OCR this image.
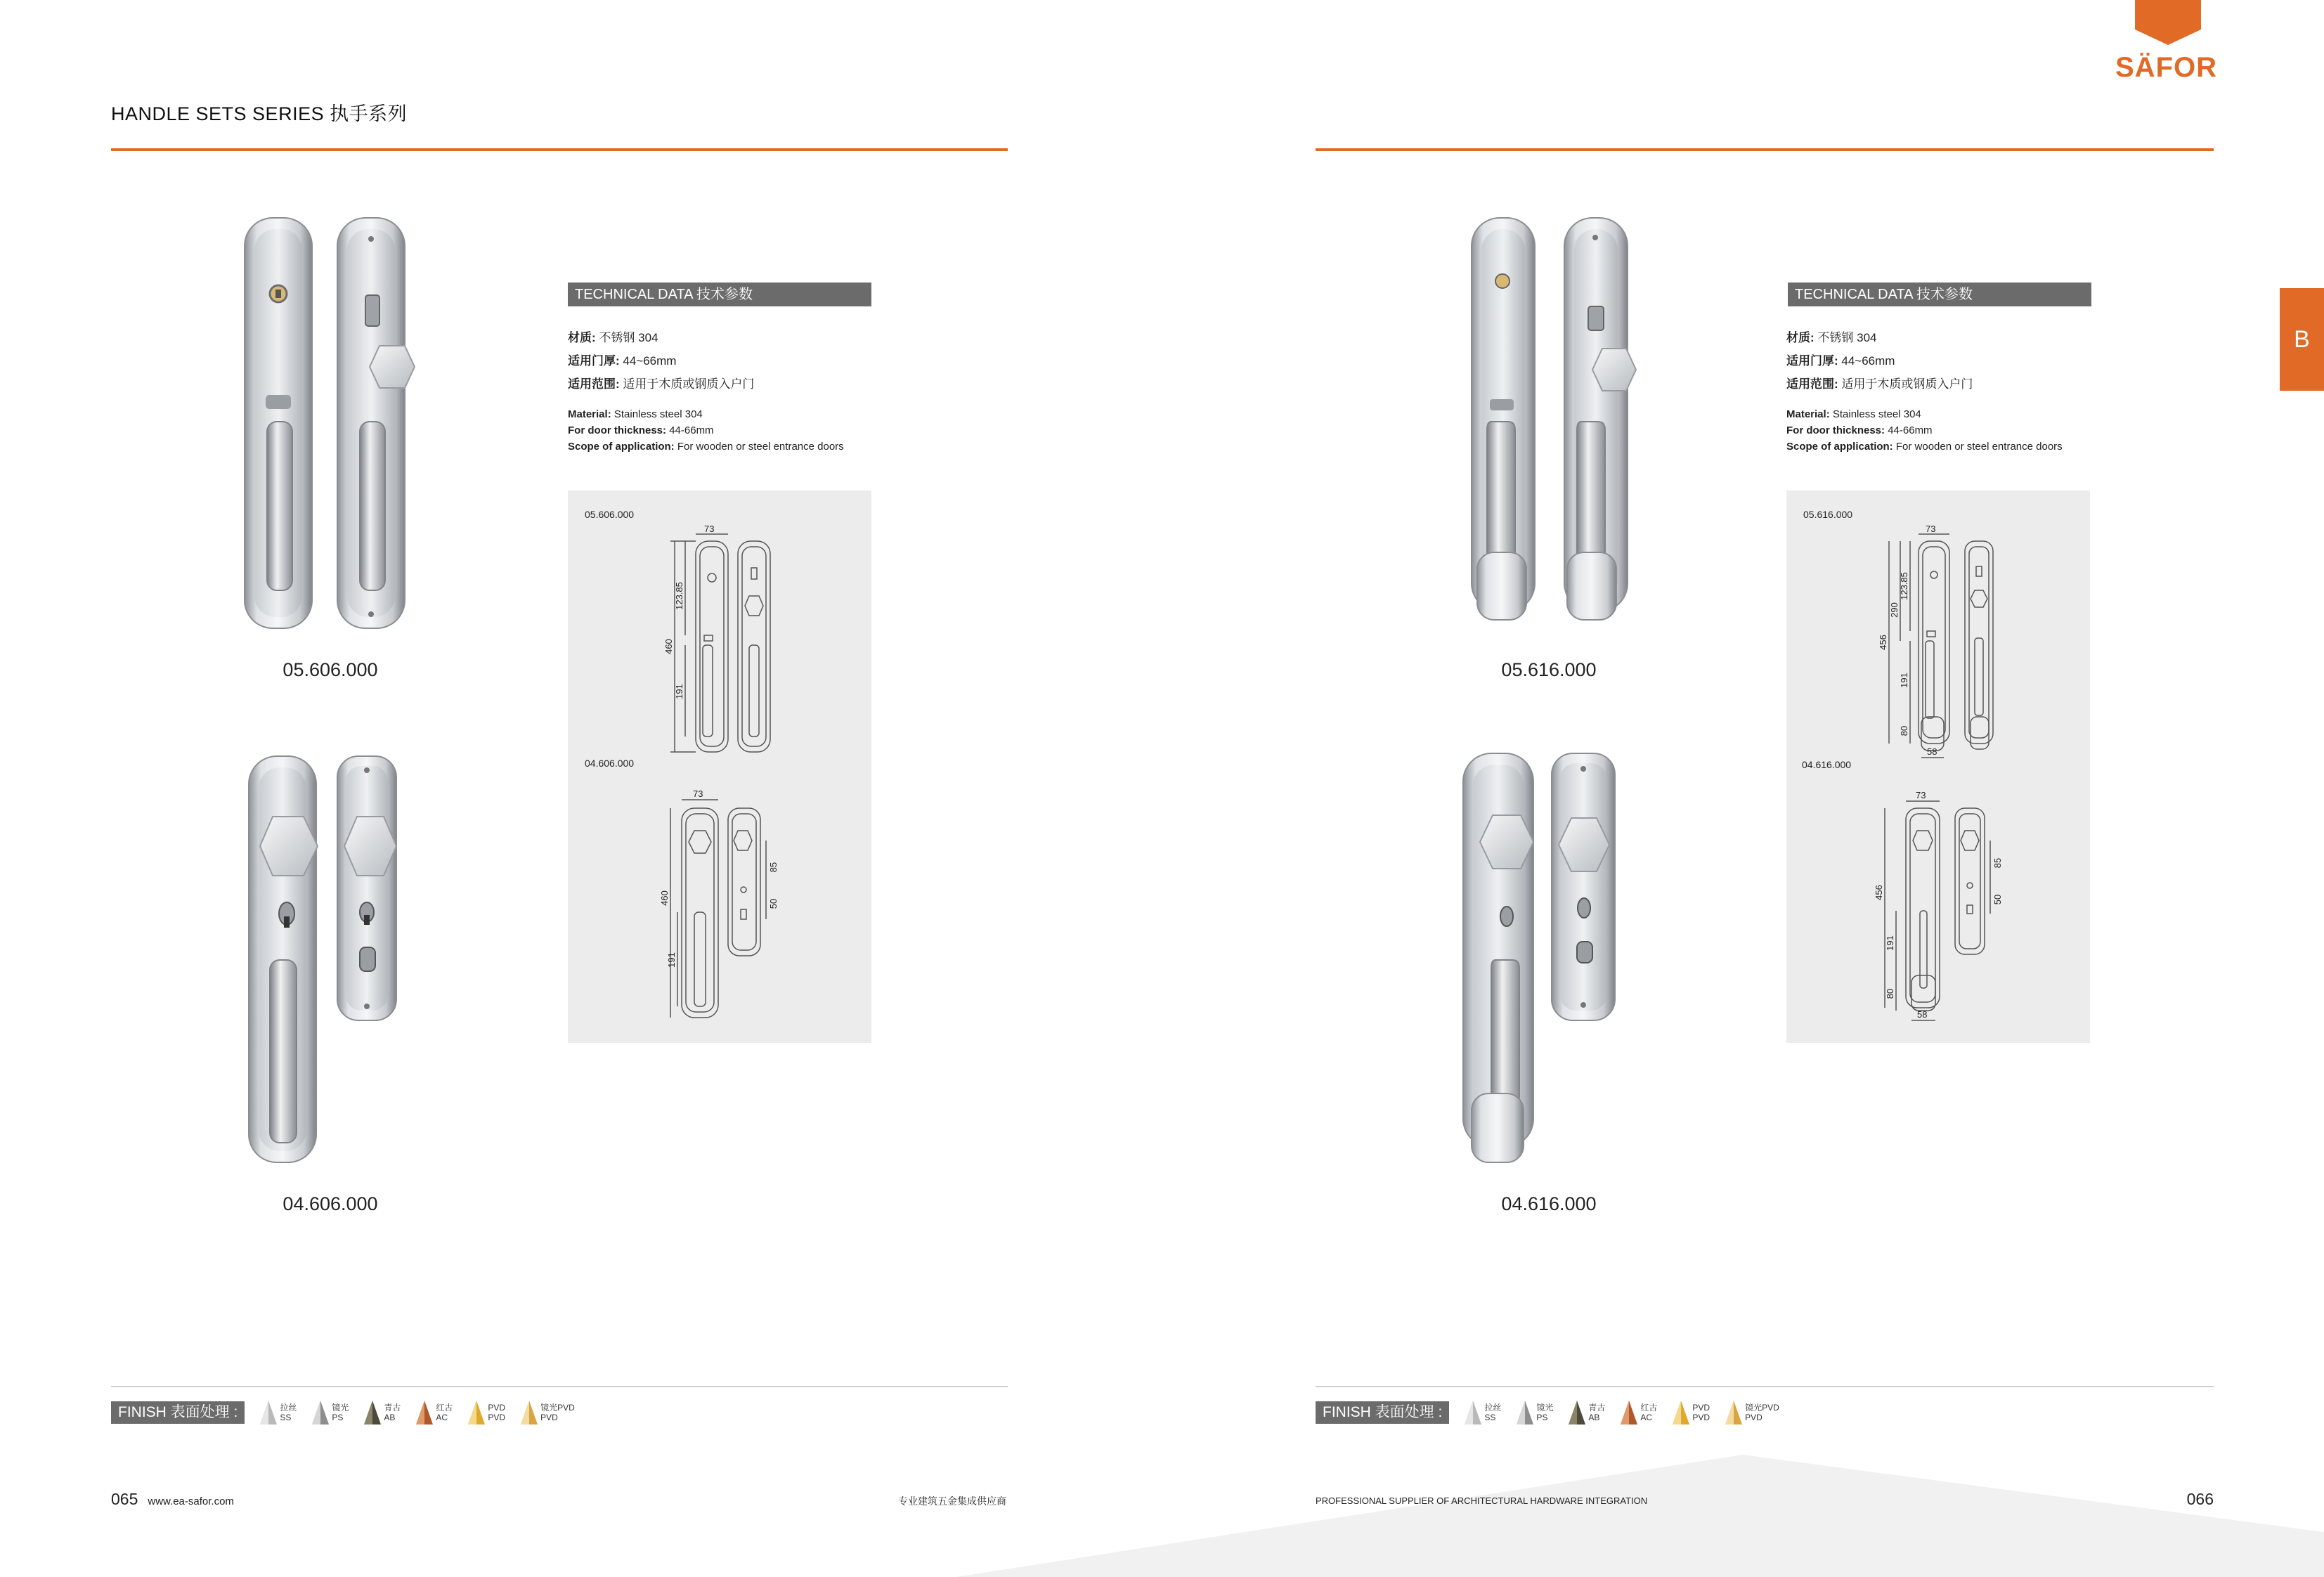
HANDLE SETS SERIES 执手系列
SÄFOR
B
05.606.000
04.606.000
TECHNICAL DATA 技术参数
材质: 不锈钢 304
适用门厚: 44~66mm
适用范围: 适用于木质或钢质入户门
Material: Stainless steel 304
For door thickness: 44-66mm
Scope of application: For wooden or steel entrance doors
05.606.000
73
123.85
460
191
04.606.000
73
460
191
85
50
05.616.000
04.616.000
TECHNICAL DATA 技术参数
材质: 不锈钢 304
适用门厚: 44~66mm
适用范围: 适用于木质或钢质入户门
Material: Stainless steel 304
For door thickness: 44-66mm
Scope of application: For wooden or steel entrance doors
05.616.000
73
290
123.85
456
191
80
58
04.616.000
73
456
85
50
191
80
58
FINISH 表面处理 :	拉丝
SS
镜光
PS
青古
AB
红古
AC
PVD
PVD
镜光PVD
PVD	FINISH 表面处理 :	拉丝
SS
镜光
PS
青古
AB
红古
AC
PVD
PVD
镜光PVD
PVD
065 www.ea-safor.com	专业建筑五金集成供应商	PROFESSIONAL SUPPLIER OF ARCHITECTURAL HARDWARE INTEGRATION	066
